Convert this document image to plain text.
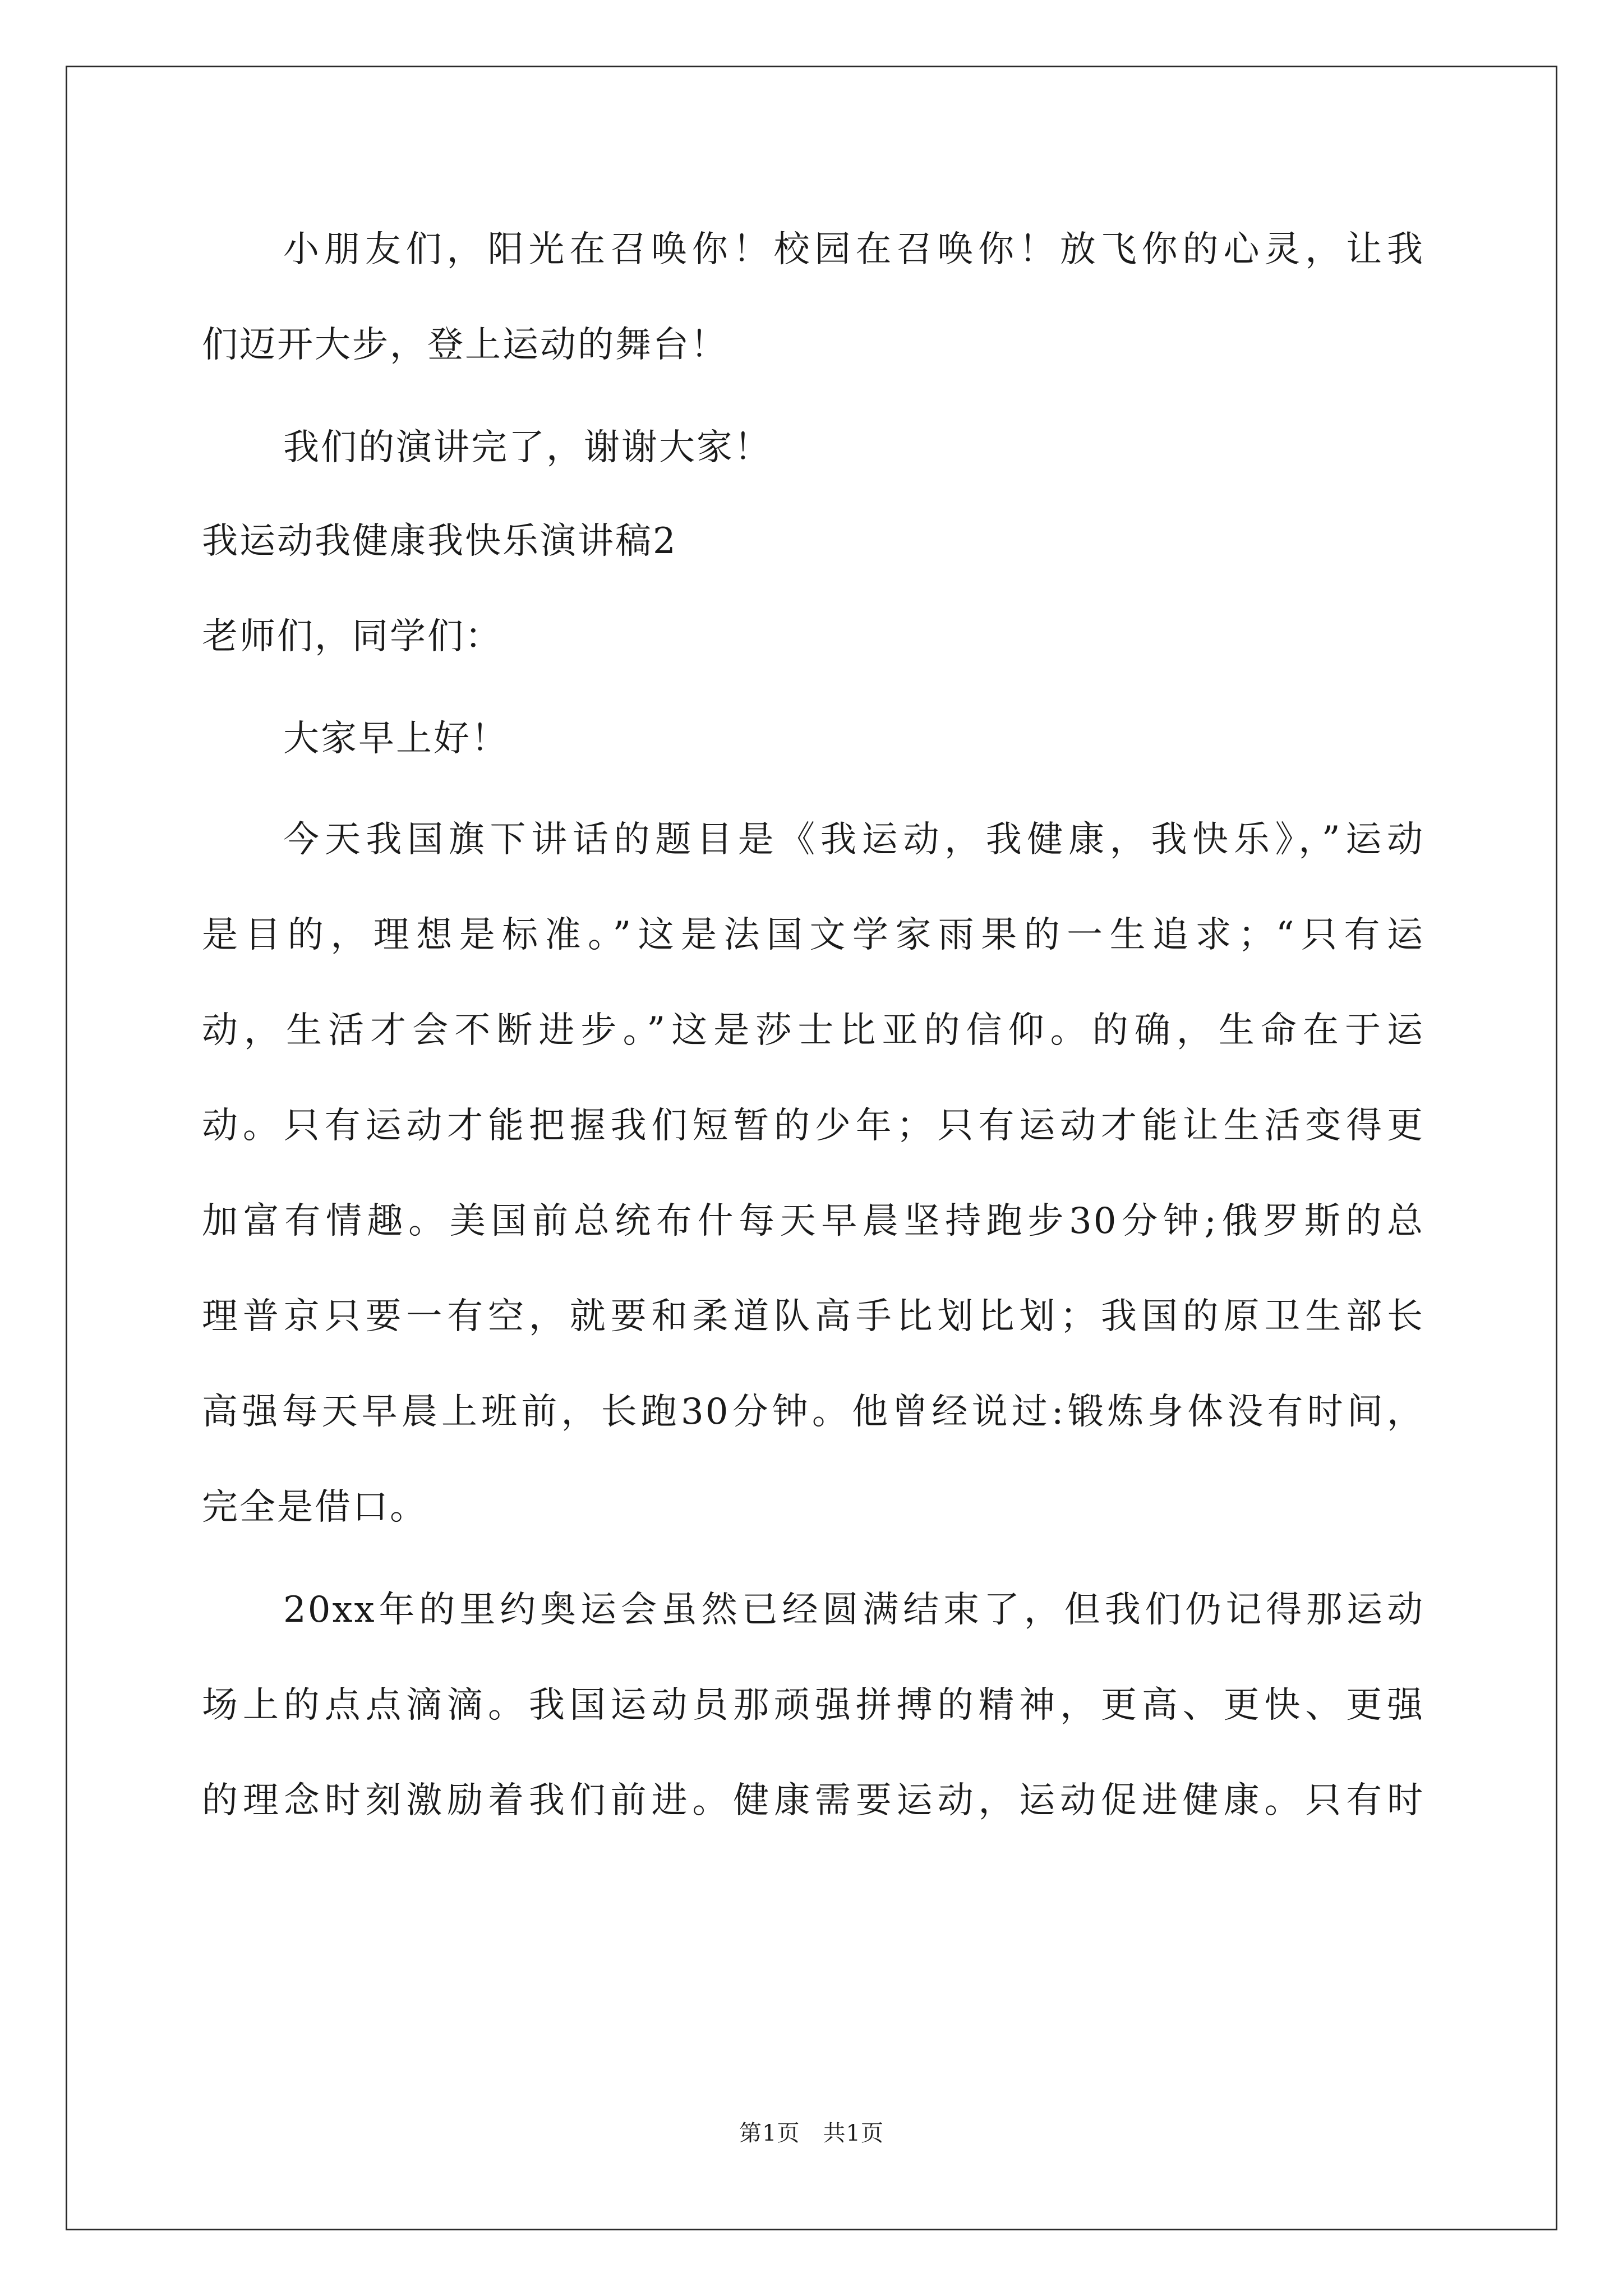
小朋友们，阳光在召唤你！校园在召唤你！放飞你的心灵，让我
们迈开大步，登上运动的舞台！
我们的演讲完了，谢谢大家！
我运动我健康我快乐演讲稿2
老师们，同学们：
大家早上好！
今天我国旗下讲话的题目是《我运动，我健康，我快乐》，”运动
是目的，理想是标准。”这是法国文学家雨果的一生追求；“只有运
动，生活才会不断进步。”这是莎士比亚的信仰。的确，生命在于运
动。只有运动才能把握我们短暂的少年；只有运动才能让生活变得更
加富有情趣。美国前总统布什每天早晨坚持跑步30分钟;俄罗斯的总
理普京只要一有空，就要和柔道队高手比划比划；我国的原卫生部长
高强每天早晨上班前，长跑30分钟。他曾经说过:锻炼身体没有时间，
完全是借口。
20xx年的里约奥运会虽然已经圆满结束了，但我们仍记得那运动
场上的点点滴滴。我国运动员那顽强拼搏的精神，更高、更快、更强
的理念时刻激励着我们前进。健康需要运动，运动促进健康。只有时
第1页　共1页
